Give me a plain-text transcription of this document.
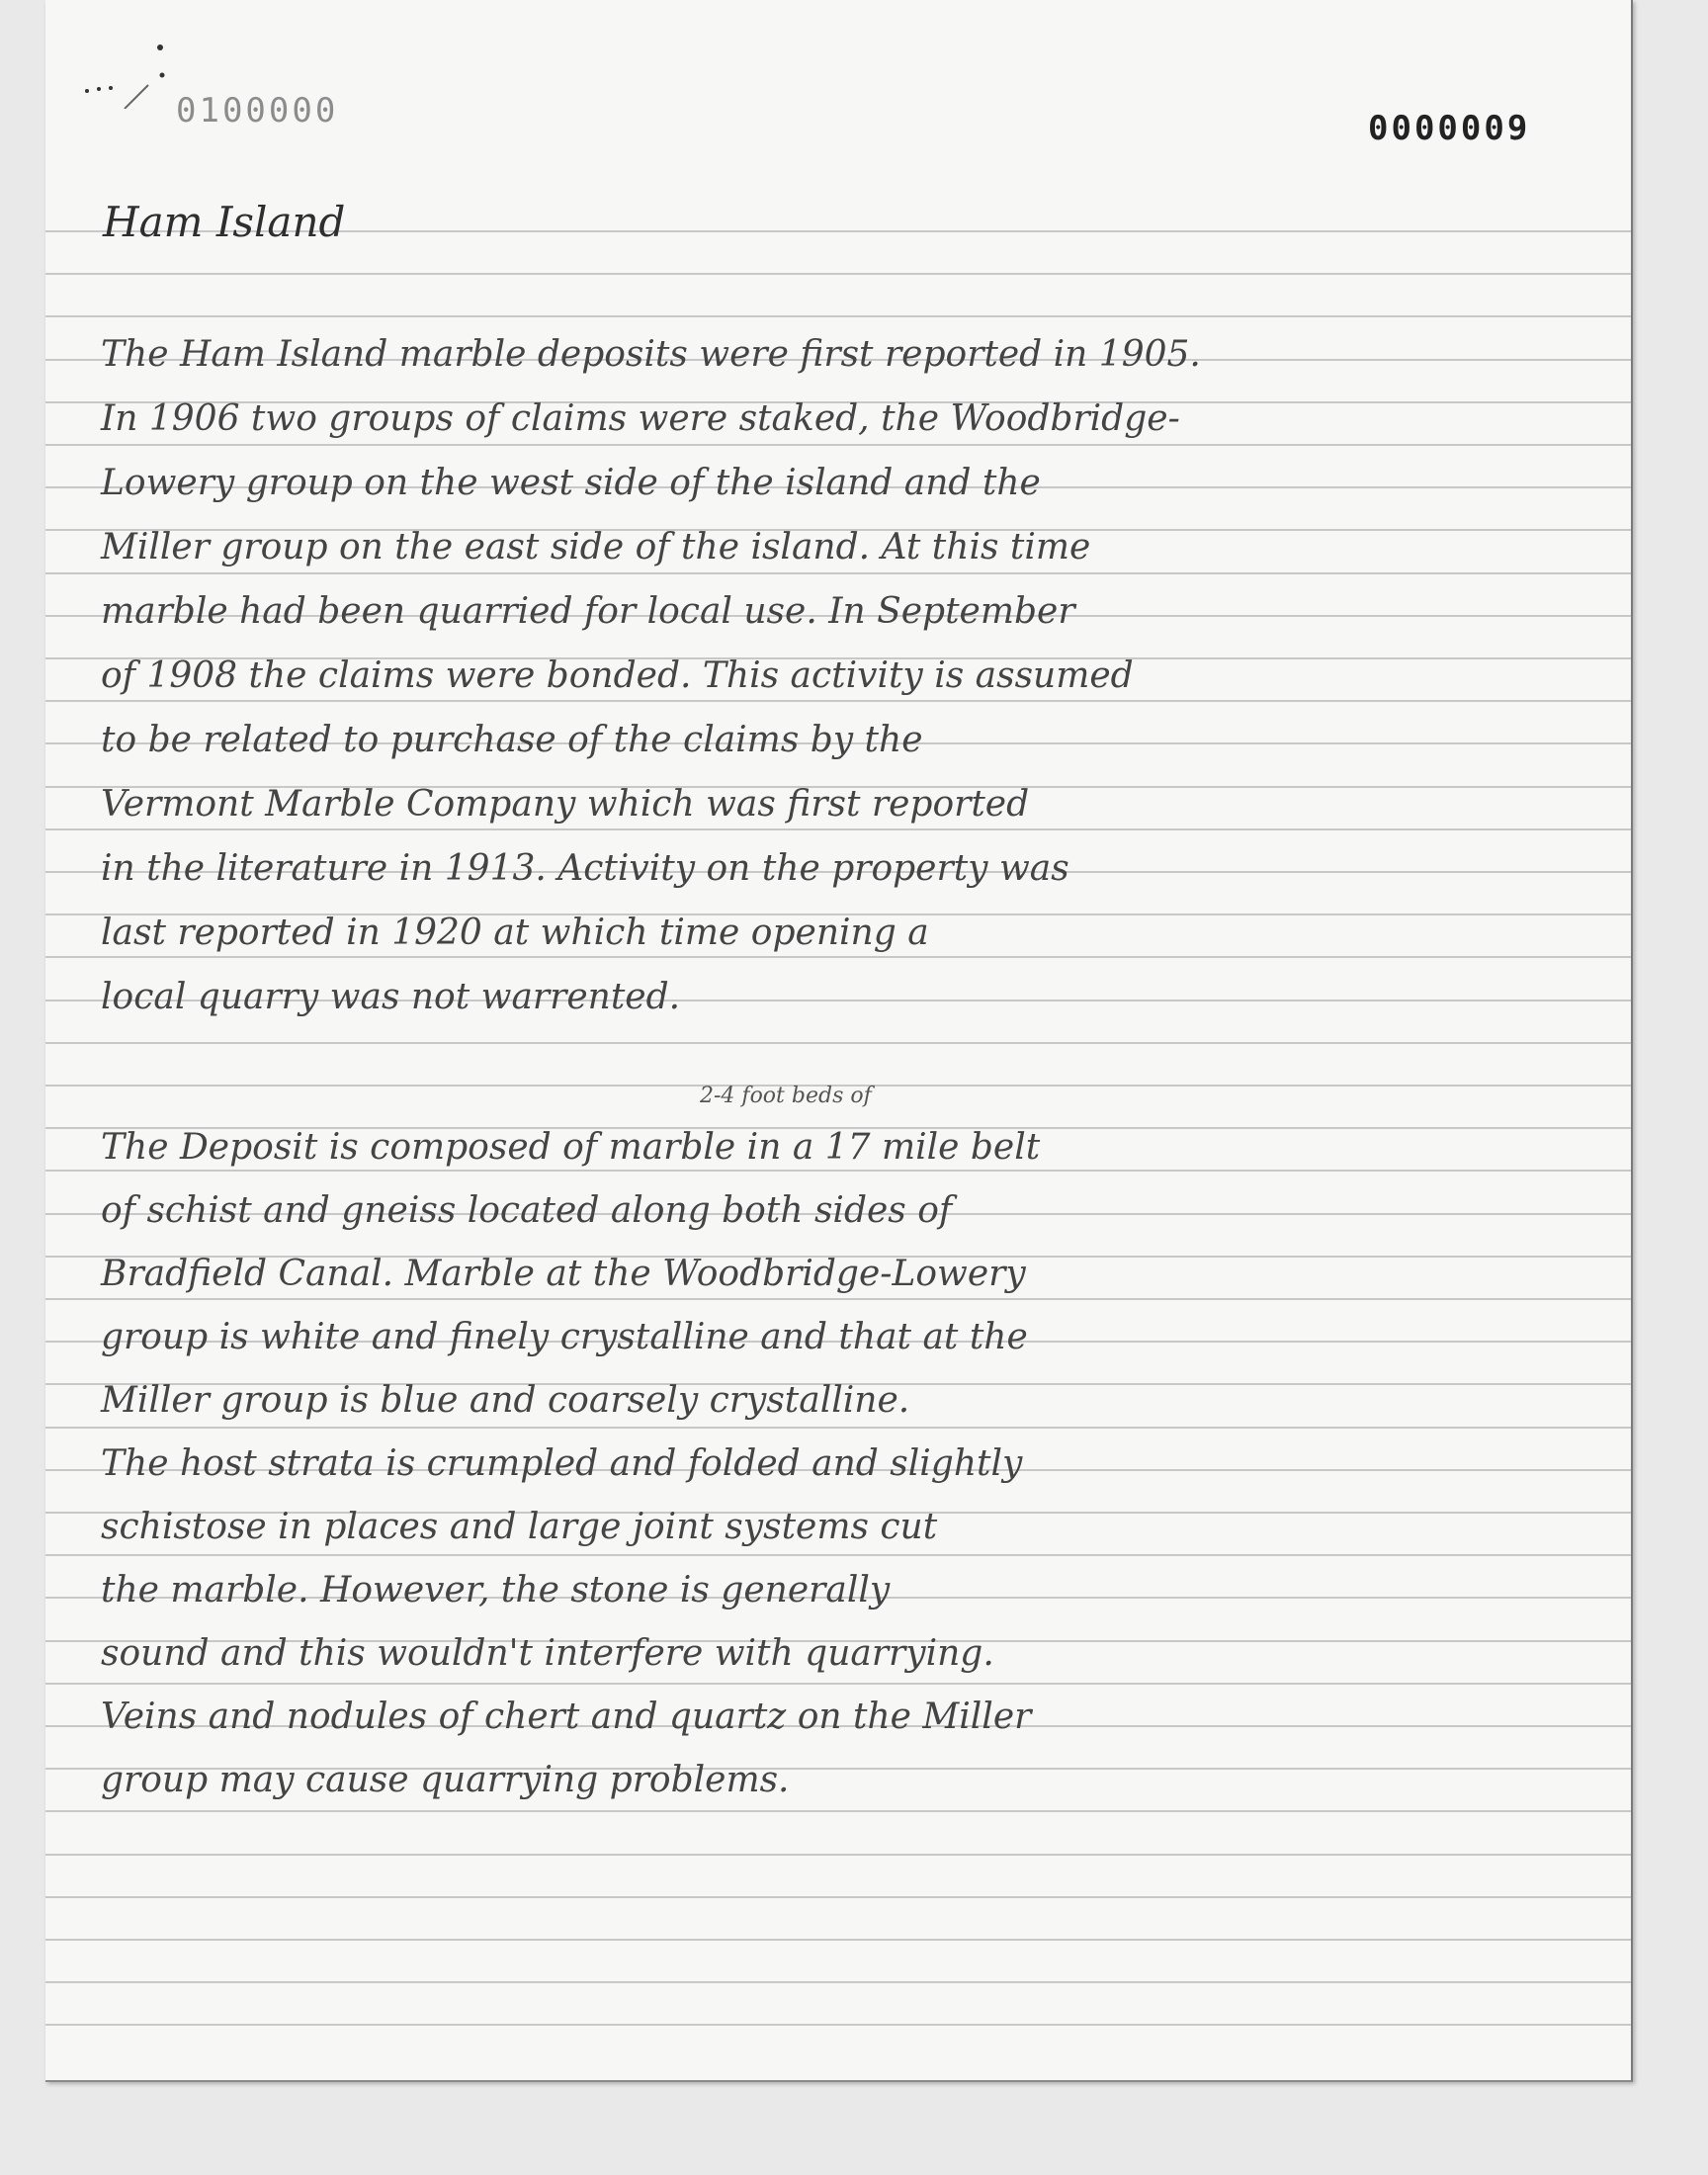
0100000	0000009
Ham Island
The Ham Island marble deposits were first reported in 1905.
In 1906 two groups of claims were staked, the Woodbridge-
Lowery group on the west side of the island and the
Miller group on the east side of the island. At this time
marble had been quarried for local use. In September
of 1908 the claims were bonded. This activity is assumed
to be related to purchase of the claims by the
Vermont Marble Company which was first reported
in the literature in 1913. Activity on the property was
last reported in 1920 at which time opening a
local quarry was not warrented.
2-4 foot beds of
The Deposit is composed of marble in a 17 mile belt
of schist and gneiss located along both sides of
Bradfield Canal. Marble at the Woodbridge-Lowery
group is white and finely crystalline and that at the
Miller group is blue and coarsely crystalline.
The host strata is crumpled and folded and slightly
schistose in places and large joint systems cut
the marble. However, the stone is generally
sound and this wouldn't interfere with quarrying.
Veins and nodules of chert and quartz on the Miller
group may cause quarrying problems.
